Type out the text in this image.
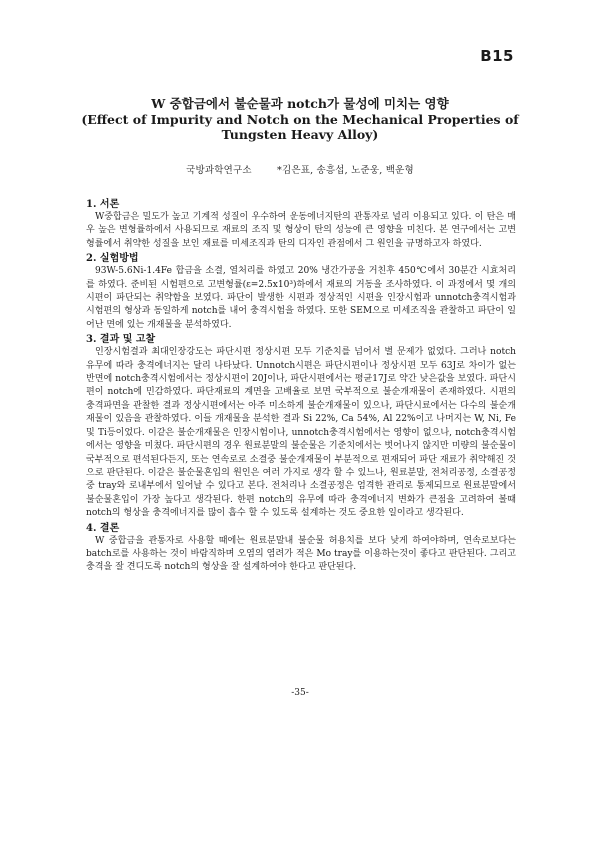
B15
W 중합금에서 불순물과 notch가 물성에 미치는 영향
(Effect of Impurity and Notch on the Mechanical Properties of
Tungsten Heavy Alloy)
국방과학연구소	*김은표, 송흥섭, 노준웅, 백운형
1. 서론

W중합금은 밀도가 높고 기계적 성질이 우수하여 운동에너지탄의 관통자로 널리 이용되고 있다. 이 탄은 매우 높은 변형률하에서 사용되므로 재료의 조직 및 형상이 탄의 성능에 큰 영향을 미친다. 본 연구에서는 고변형률에서 취약한 성질을 보인 재료를 미세조직과 탄의 디자인 관점에서 그 원인을 규명하고자 하였다.

2. 실험방법

93W-5.6Ni-1.4Fe 합금을 소결, 열처리를 하였고 20% 냉간가공을 거친후 450℃에서 30분간 시효처리를 하였다. 준비된 시험편으로 고변형률(ε=2.5x10³)하에서 재료의 거동을 조사하였다. 이 과정에서 몇 개의 시편이 파단되는 취약함을 보였다. 파단이 발생한 시편과 정상적인 시편을 인장시험과 unnotch충격시험과 시험편의 형상과 동일하게 notch를 내어 충격시험을 하였다. 또한 SEM으로 미세조직을 관찰하고 파단이 일어난 면에 있는 개재물을 분석하였다.

3. 결과 및 고찰

인장시험결과 최대인장강도는 파단시편 정상시편 모두 기준치를 넘어서 별 문제가 없었다. 그러나 notch 유무에 따라 충격에너지는 달리 나타났다. Unnotch시편은 파단시편이나 정상시편 모두 63J로 차이가 없는 반면에 notch충격시험에서는 정상시편이 20J이나, 파단시편에서는 평균17J로 약간 낮은값을 보였다. 파단시편이 notch에 민감하였다. 파단재료의 계면을 고배율로 보면 국부적으로 불순개재물이 존재하였다. 시편의 충격파면을 관찰한 결과 정상시편에서는 아주 미소하게 불순개재물이 있으나, 파단시료에서는 다수의 불순개재물이 있음을 관찰하였다. 이들 개재물을 분석한 결과 Si 22%, Ca 54%, Al 22%이고 나머지는 W, Ni, Fe 및 Ti등이었다. 이같은 불순개재물은 인장시험이나, unnotch충격시험에서는 영향이 없으나, notch충격시험에서는 영향을 미쳤다. 파단시편의 경우 원료분말의 불순물은 기준치에서는 벗어나지 않지만 미량의 불순물이 국부적으로 편석된다든지, 또는 연속로로 소결중 불순개재물이 부분적으로 편재되어 파단 재료가 취약해진 것으로 판단된다. 이같은 불순물혼입의 원인은 여러 가지로 생각 할 수 있느나, 원료분말, 전처리공정, 소결공정중 tray와 로내부에서 일어날 수 있다고 본다. 전처리나 소결공정은 엄격한 관리로 통제되므로 원료분말에서 불순물혼입이 가장 높다고 생각된다. 한편 notch의 유무에 따라 충격에너지 변화가 큰점을 고려하여 볼때 notch의 형상을 충격에너지를 많이 흡수 할 수 있도록 설계하는 것도 중요한 일이라고 생각된다.

4. 결론

W 중합금을 관통자로 사용할 때에는 원료분말내 불순물 허용치를 보다 낮게 하여야하며, 연속로보다는 batch로를 사용하는 것이 바람직하며 오염의 염려가 적은 Mo tray를 이용하는것이 좋다고 판단된다. 그리고 충격을 잘 견디도록 notch의 형상을 잘 설계하여야 한다고 판단된다.

-35-
